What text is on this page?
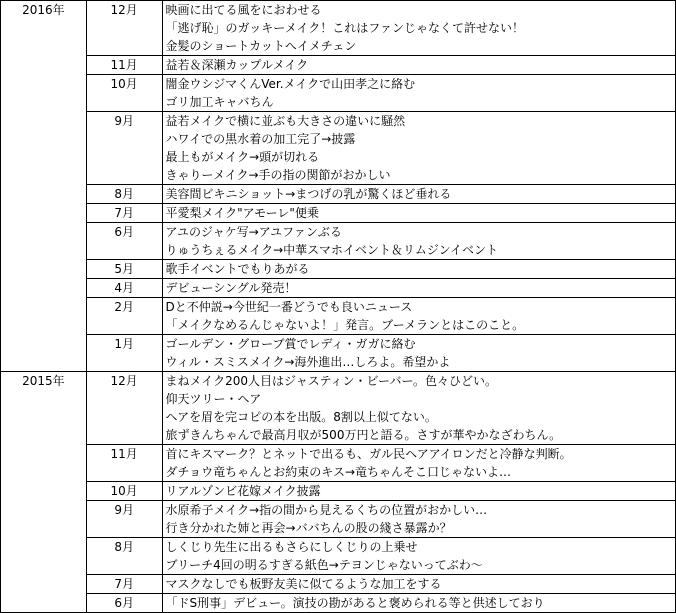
2016年	12月	映画に出てる風をにおわせる
		「逃げ恥」のガッキーメイク！これはファンじゃなくて許せない！
		金髪のショートカットへイメチェン
	11月	益若＆深瀬カップルメイク
	10月	闇金ウシジマくんVer.メイクで山田孝之に絡む
		ゴリ加工キャバちん
	9月	益若メイクで横に並ぶも大きさの違いに騒然
		ハワイでの黒水着の加工完了→披露
		最上もがメイク→頭が切れる
		きゃりーメイク→手の指の関節がおかしい
	8月	美容間ビキニショット→まつげの乳が驚くほど垂れる
	7月	平愛梨メイク"アモーレ"便乗
	6月	アユのジャケ写→アユファンぶる
		りゅうちぇるメイク→中華スマホイベント＆リムジンイベント
	5月	歌手イベントでもりあがる
	4月	デビューシングル発売！
	2月	Dと不仲説→今世紀一番どうでも良いニュース
		「メイクなめるんじゃないよ！」発言。ブーメランとはこのこと。
	1月	ゴールデン・グローブ賞でレディ・ガガに絡む
		ウィル・スミスメイク→海外進出…しろよ。希望かよ
2015年	12月	まねメイク200人目はジャスティン・ビーバー。色々ひどい。
		仰天ツリー・ヘア
		ヘアを眉を完コピの本を出版。8割以上似てない。
		旅ずきんちゃんで最高月収が500万円と語る。さすが華やかなざわちん。
	11月	首にキスマーク？とネットで出るも、ガル民ヘアアイロンだと冷静な判断。
		ダチョウ竜ちゃんとお約束のキス→竜ちゃんそこ口じゃないよ…
	10月	リアルゾンビ花嫁メイク披露
	9月	水原希子メイク→指の間から見えるくちの位置がおかしい…
		行き分かれた姉と再会→ババちんの股の綫さ暴露か？
	8月	しくじり先生に出るもさらにしくじりの上乗せ
		ブリーチ4回の明るすぎる紙色→テヨンじゃないってぶわ〜
	7月	マスクなしでも板野友美に似てるような加工をする
	6月	「ドS刑事」デビュー。演技の勘があると褒められる等と供述しており
